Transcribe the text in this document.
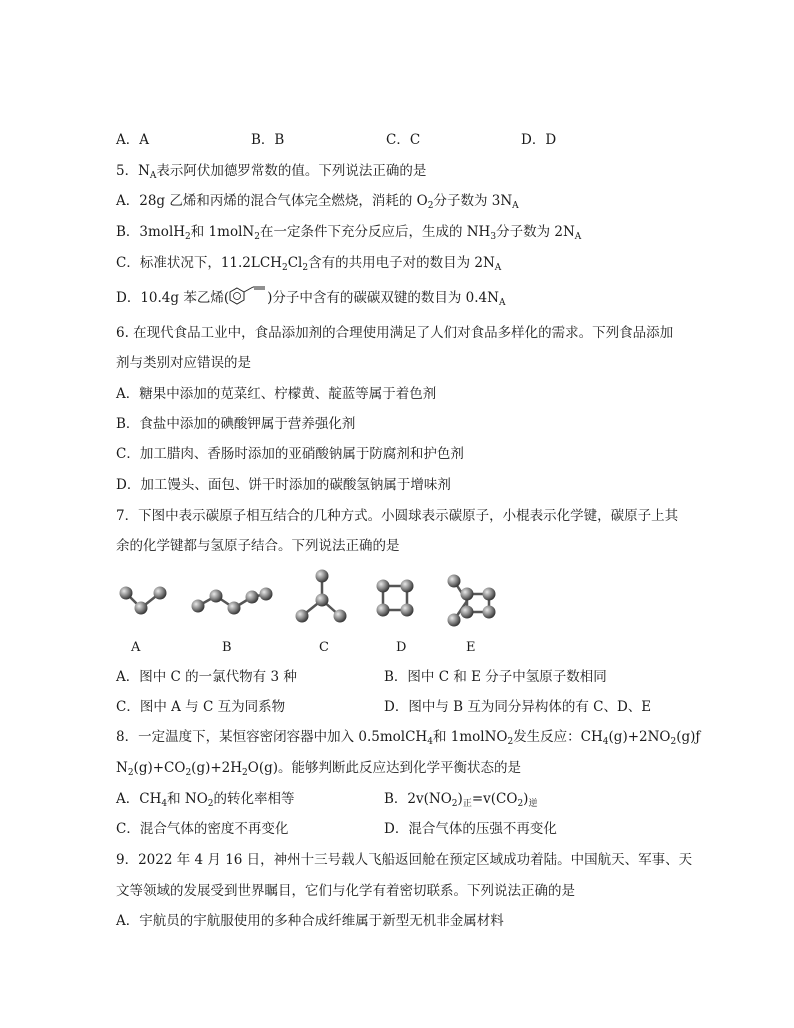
A．A	B．B	C．C	D．D
5．$N_A$表示阿伏加德罗常数的值。下列说法正确的是
A．28g 乙烯和丙烯的混合气体完全燃烧，消耗的 $O_2$分子数为 $3N_A$
B．3molH$_2$和 1molN$_2$在一定条件下充分反应后，生成的 $NH_3$分子数为 $2N_A$
C．标准状况下，$11.2LCH_2Cl_2$含有的共用电子对的数目为 $2N_A$
D．10.4g 苯乙烯(	)分子中含有的碳碳双键的数目为 $0.4N_A$
6. 在现代食品工业中，食品添加剂的合理使用满足了人们对食品多样化的需求。下列食品添加
剂与类别对应错误的是
A．糖果中添加的苋菜红、柠檬黄、靛蓝等属于着色剂
B．食盐中添加的碘酸钾属于营养强化剂
C．加工腊肉、香肠时添加的亚硝酸钠属于防腐剂和护色剂
D．加工馒头、面包、饼干时添加的碳酸氢钠属于增味剂
7．下图中表示碳原子相互结合的几种方式。小圆球表示碳原子，小棍表示化学键，碳原子上其
余的化学键都与氢原子结合。下列说法正确的是
A	B	C	D	E
A．图中 C 的一氯代物有 3 种	B．图中 C 和 E 分子中氢原子数相同
C．图中 A 与 C 互为同系物	D．图中与 B 互为同分异构体的有 C、D、E
8．一定温度下，某恒容密闭容器中加入 0.5molCH$_4$和 1molNO$_2$发生反应：$CH_4(g)+2NO_2(g)ƒ$
$N_2(g)+CO_2(g)+2H_2O(g)$。能够判断此反应达到化学平衡状态的是
A．$CH_4$和 $NO_2$的转化率相等	B．$2v(NO_2)_正=v(CO_2)_逆$
C．混合气体的密度不再变化	D．混合气体的压强不再变化
9．2022 年 4 月 16 日，神州十三号载人飞船返回舱在预定区域成功着陆。中国航天、军事、天
文等领域的发展受到世界瞩目，它们与化学有着密切联系。下列说法正确的是
A．宇航员的宇航服使用的多种合成纤维属于新型无机非金属材料
